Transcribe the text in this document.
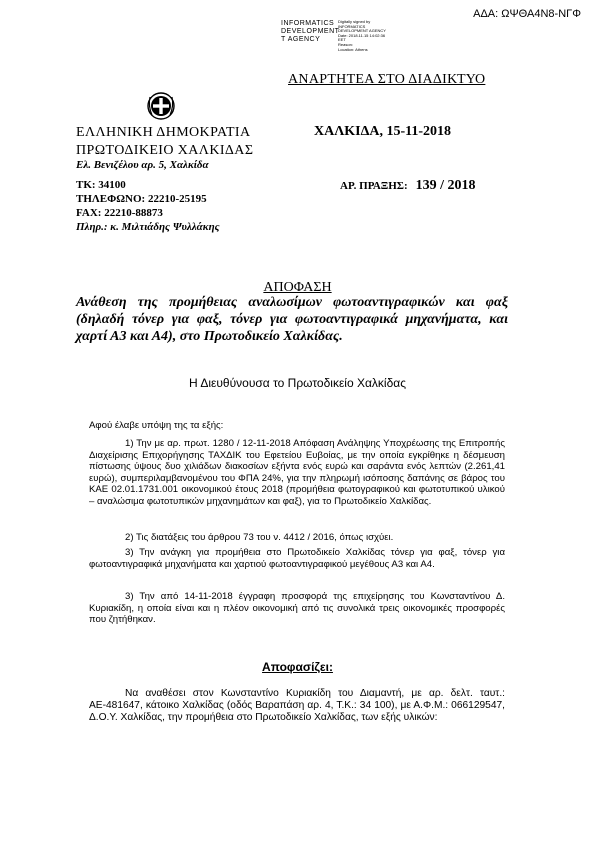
ΑΔΑ: ΩΨΘΑ4Ν8-ΝΓΦ
INFORMATICS
DEVELOPMENT
T AGENCY
Digitally signed by
INFORMATICS
DEVELOPMENT AGENCY
Date: 2018.11.15 14:02:36
EET
Reason:
Location: Athens
ΑΝΑΡΤΗΤΕΑ ΣΤΟ ΔΙΑΔΙΚΤΥΟ
ΕΛΛΗΝΙΚΗ ΔΗΜΟΚΡΑΤΙΑ
ΠΡΩΤΟΔΙΚΕΙΟ ΧΑΛΚΙΔΑΣ
ΧΑΛΚΙΔΑ, 15-11-2018
Ελ. Βενιζέλου αρ. 5, Χαλκίδα
ΤΚ: 34100
ΤΗΛΕΦΩΝΟ: 22210-25195
FAX: 22210-88873
Πληρ.: κ. Μιλτιάδης Ψυλλάκης
ΑΡ. ΠΡΑΞΗΣ: 139 / 2018
ΑΠΟΦΑΣΗ
Ανάθεση της προμήθειας αναλωσίμων φωτοαντιγραφικών και φαξ (δηλαδή τόνερ για φαξ, τόνερ για φωτοαντιγραφικά μηχανήματα, και χαρτί Α3 και Α4), στο Πρωτοδικείο Χαλκίδας.
Η Διευθύνουσα το Πρωτοδικείο Χαλκίδας
Αφού έλαβε υπόψη της τα εξής:
1) Την με αρ. πρωτ. 1280 / 12-11-2018 Απόφαση Ανάληψης Υποχρέωσης της Επιτροπής Διαχείρισης Επιχορήγησης ΤΑΧΔΙΚ του Εφετείου Ευβοίας, με την οποία εγκρίθηκε η δέσμευση πίστωσης ύψους δυο χιλιάδων διακοσίων εξήντα ενός ευρώ και σαράντα ενός λεπτών (2.261,41 ευρώ), συμπεριλαμβανομένου του ΦΠΑ 24%, για την πληρωμή ισόποσης δαπάνης σε βάρος του ΚΑΕ 02.01.1731.001 οικονομικού έτους 2018 (προμήθεια φωτογραφικού και φωτοτυπικού υλικού – αναλώσιμα φωτοτυπικών μηχανημάτων και φαξ), για το Πρωτοδικείο Χαλκίδας.
2) Τις διατάξεις του άρθρου 73 του ν. 4412 / 2016, όπως ισχύει.
3) Την ανάγκη για προμήθεια στο Πρωτοδικείο Χαλκίδας τόνερ για φαξ, τόνερ για φωτοαντιγραφικά μηχανήματα και χαρτιού φωτοαντιγραφικού μεγέθους Α3 και Α4.
3) Την από 14-11-2018 έγγραφη προσφορά της επιχείρησης του Κωνσταντίνου Δ. Κυριακίδη, η οποία είναι και η πλέον οικονομική από τις συνολικά τρεις οικονομικές προσφορές που ζητήθηκαν.
Αποφασίζει:
Να αναθέσει στον Κωνσταντίνο Κυριακίδη του Διαμαντή, με αρ. δελτ. ταυτ.: ΑΕ-481647, κάτοικο Χαλκίδας (οδός Βαραπάση αρ. 4, Τ.Κ.: 34 100), με Α.Φ.Μ.: 066129547, Δ.Ο.Υ. Χαλκίδας, την προμήθεια στο Πρωτοδικείο Χαλκίδας, των εξής υλικών:
